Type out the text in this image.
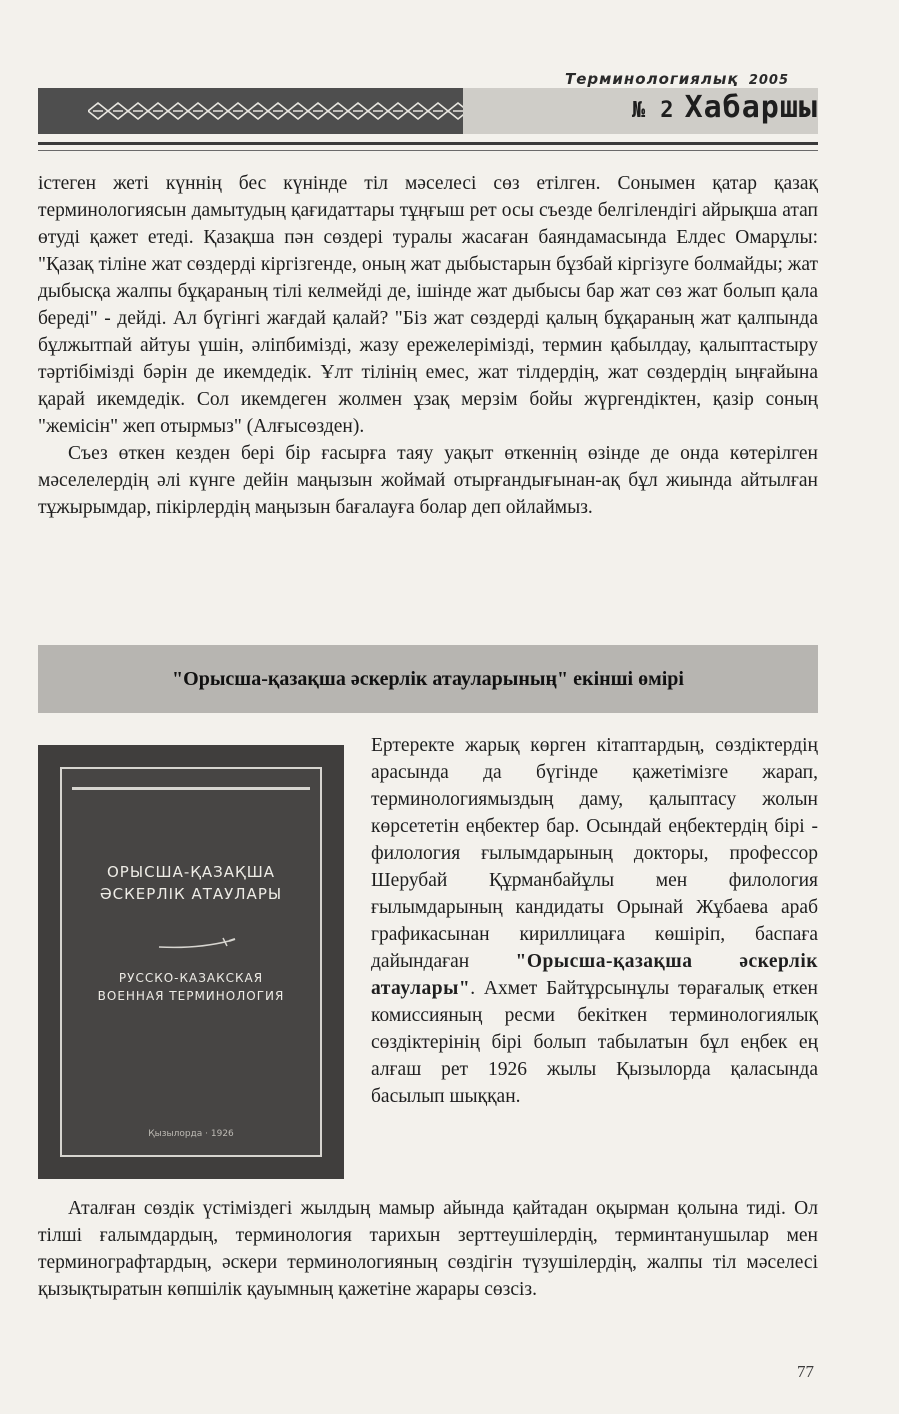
Терминологиялық 2005
№ 2 Хабаршы

істеген жеті күннің бес күнінде тіл мәселесі сөз етілген. Сонымен қатар қазақ терминологиясын дамытудың қағидаттары тұңғыш рет осы съезде белгілендігі айрықша атап өтуді қажет етеді. Қазақша пән сөздері туралы жасаған баяндамасында Елдес Омарұлы: "Қазақ тіліне жат сөздерді кіргізгенде, оның жат дыбыстарын бұзбай кіргізуге болмайды; жат дыбысқа жалпы бұқараның тілі келмейді де, ішінде жат дыбысы бар жат сөз жат болып қала береді" - дейді. Ал бүгінгі жағдай қалай? "Біз жат сөздерді қалың бұқараның жат қалпында бұлжытпай айтуы үшін, әліпбимізді, жазу ережелерімізді, термин қабылдау, қалыптастыру тәртібімізді бәрін де икемдедік. Ұлт тілінің емес, жат тілдердің, жат сөздердің ыңғайына қарай икемдедік. Сол икемдеген жолмен ұзақ мерзім бойы жүргендіктен, қазір соның "жемісін" жеп отырмыз" (Алғысөзден).

Съез өткен кезден бері бір ғасырға таяу уақыт өткеннің өзінде де онда көтерілген мәселелердің әлі күнге дейін маңызын жоймай отырғандығынан-ақ бұл жиында айтылған тұжырымдар, пікірлердің маңызын бағалауға болар деп ойлаймыз.

"Орысша-қазақша әскерлік атауларының" екінші өмірі
ОРЫСША-ҚАЗАҚША
ӘСКЕРЛІК АТАУЛАРЫ
РУССКО-КАЗАКСКАЯ
ВОЕННАЯ ТЕРМИНОЛОГИЯ
Қызылорда · 1926
Ертеректе жарық көрген кітаптардың, сөздіктердің арасында да бүгінде қажетімізге жарап, терминологиямыздың даму, қалыптасу жолын көрсететін еңбектер бар. Осындай еңбектердің бірі - филология ғылымдарының докторы, профессор Шерубай Құрманбайұлы мен филология ғылымдарының кандидаты Орынай Жұбаева араб графикасынан кириллицаға көшіріп, баспаға дайындаған "Орысша-қазақша әскерлік атаулары". Ахмет Байтұрсынұлы төрағалық еткен комиссияның ресми бекіткен терминологиялық сөздіктерінің бірі болып табылатын бұл еңбек ең алғаш рет 1926 жылы Қызылорда қаласында басылып шыққан.

Аталған сөздік үстіміздегі жылдың мамыр айында қайтадан оқырман қолына тиді. Ол тілші ғалымдардың, терминология тарихын зерттеушілердің, терминтанушылар мен терминографтардың, әскери терминологияның сөздігін түзушілердің, жалпы тіл мәселесі қызықтыратын көпшілік қауымның қажетіне жарары сөзсіз.

77
